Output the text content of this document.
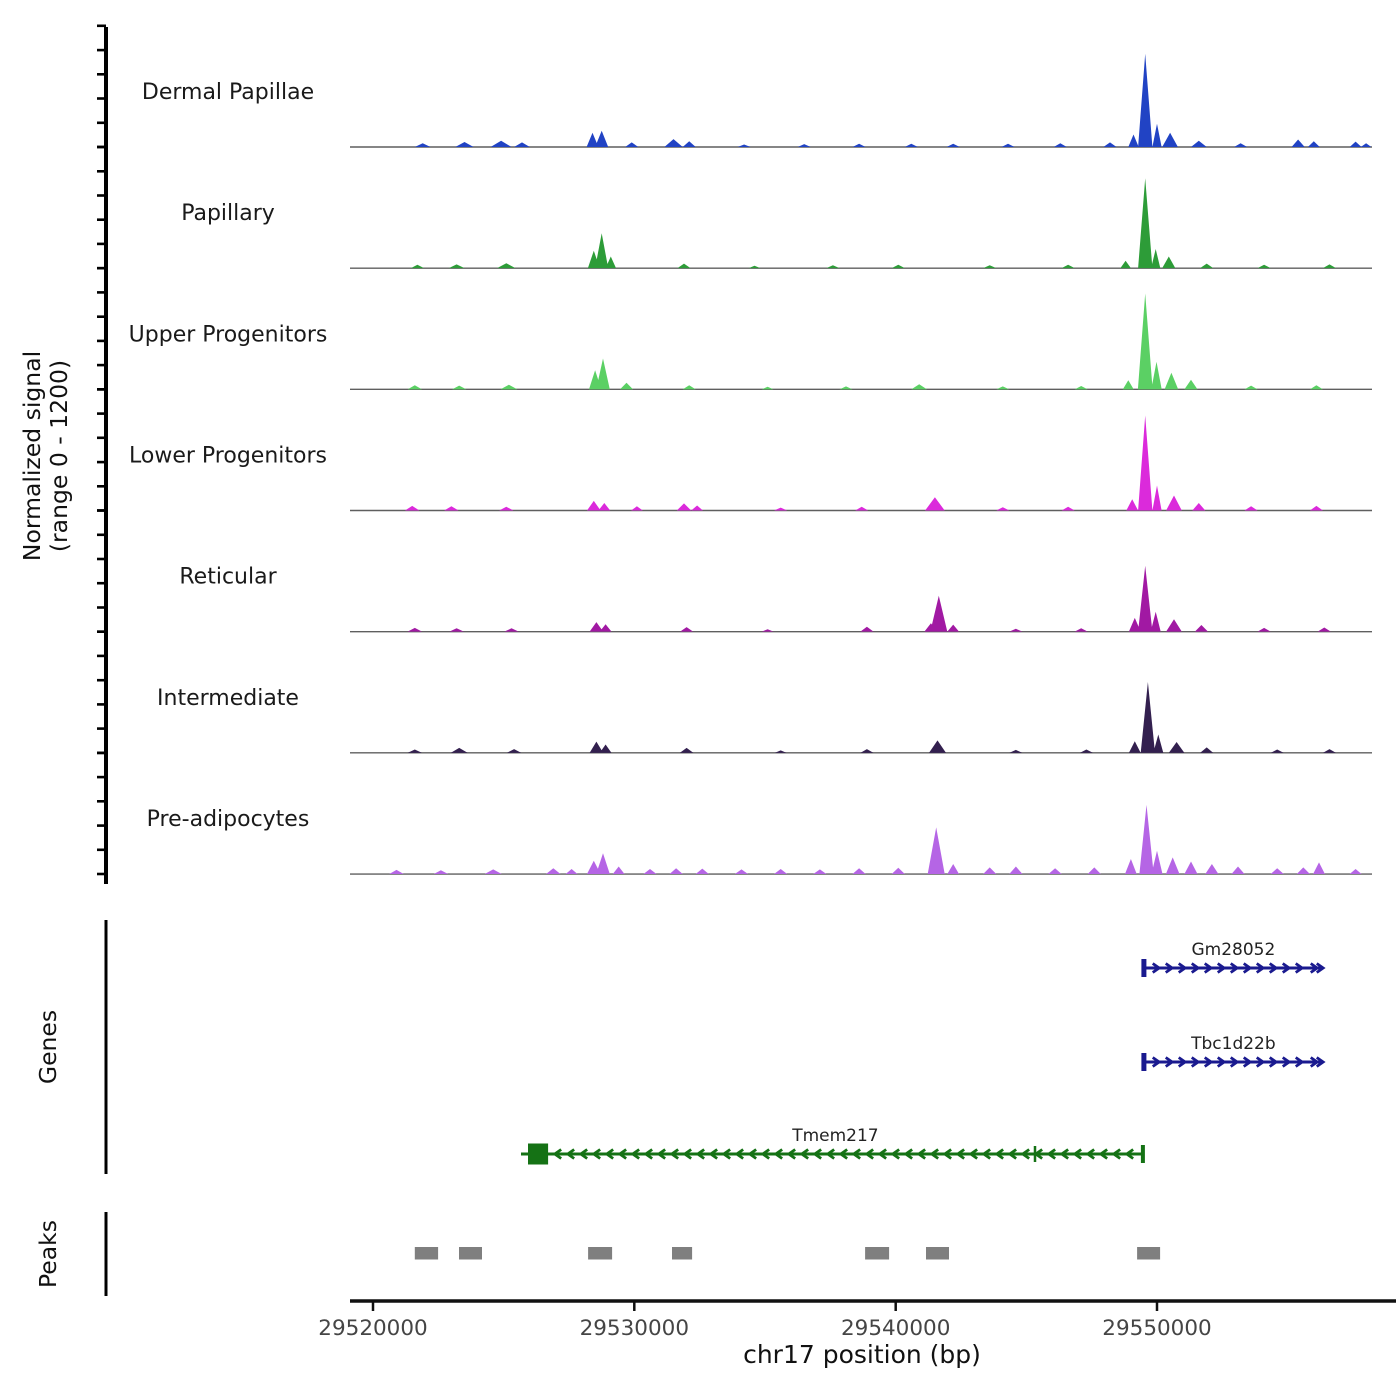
Normalized signal (range 0 - 1200)
Dermal Papillae
Papillary
Upper Progenitors
Lower Progenitors
Reticular
Intermediate
Pre-adipocytes
Genes
Gm28052
Tbc1d22b
Tmem217
Peaks
29520000	29530000	29540000	29550000
chr17 position (bp)
